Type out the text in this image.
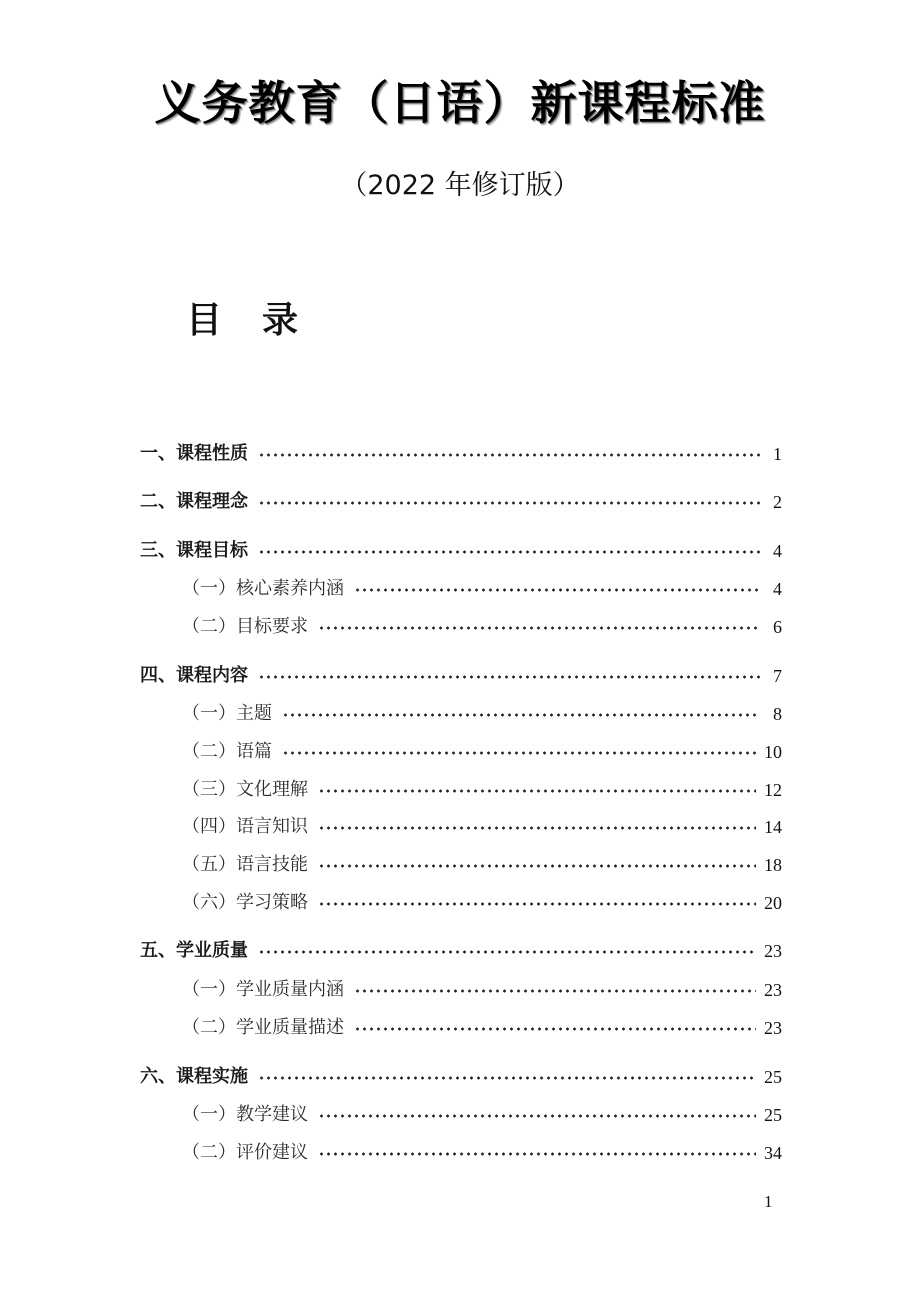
义务教育（日语）新课程标准
（2022 年修订版）
目录
一、课程性质	1
二、课程理念	2
三、课程目标	4
（一）核心素养内涵	4
（二）目标要求	6
四、课程内容	7
（一）主题	8
（二）语篇	10
（三）文化理解	12
（四）语言知识	14
（五）语言技能	18
（六）学习策略	20
五、学业质量	23
（一）学业质量内涵	23
（二）学业质量描述	23
六、课程实施	25
（一）教学建议	25
（二）评价建议	34
1
